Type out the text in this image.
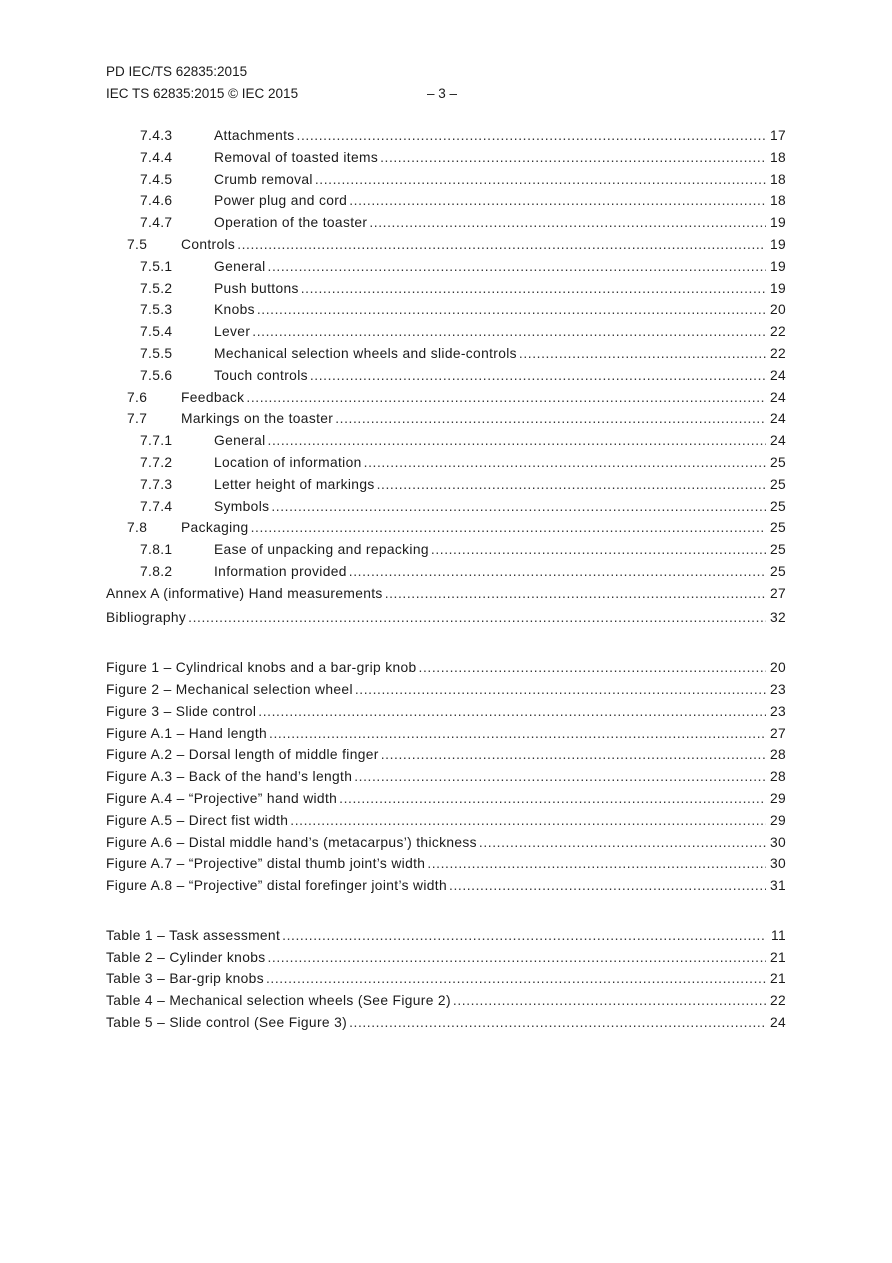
PD IEC/TS 62835:2015
IEC TS 62835:2015 © IEC 2015	– 3 –
7.4.3	Attachments .....	17
7.4.4	Removal of toasted items .....	18
7.4.5	Crumb removal .....	18
7.4.6	Power plug and cord .....	18
7.4.7	Operation of the toaster .....	19
7.5	Controls .....	19
7.5.1	General .....	19
7.5.2	Push buttons .....	19
7.5.3	Knobs .....	20
7.5.4	Lever .....	22
7.5.5	Mechanical selection wheels and slide-controls .....	22
7.5.6	Touch controls .....	24
7.6	Feedback .....	24
7.7	Markings on the toaster .....	24
7.7.1	General .....	24
7.7.2	Location of information .....	25
7.7.3	Letter height of markings .....	25
7.7.4	Symbols .....	25
7.8	Packaging .....	25
7.8.1	Ease of unpacking and repacking .....	25
7.8.2	Information provided .....	25
Annex A (informative) Hand measurements .....	27
Bibliography .....	32
Figure 1 – Cylindrical knobs and a bar-grip knob .....	20
Figure 2 – Mechanical selection wheel .....	23
Figure 3 – Slide control .....	23
Figure A.1 – Hand length .....	27
Figure A.2 – Dorsal length of middle finger .....	28
Figure A.3 – Back of the hand’s length .....	28
Figure A.4 – “Projective” hand width .....	29
Figure A.5 – Direct fist width .....	29
Figure A.6 – Distal middle hand’s (metacarpus’) thickness .....	30
Figure A.7 – “Projective” distal thumb joint’s width .....	30
Figure A.8 – “Projective” distal forefinger joint’s width .....	31
Table 1 – Task assessment .....	11
Table 2 – Cylinder knobs .....	21
Table 3 – Bar-grip knobs .....	21
Table 4 – Mechanical selection wheels (See Figure 2) .....	22
Table 5 – Slide control (See Figure 3) .....	24
